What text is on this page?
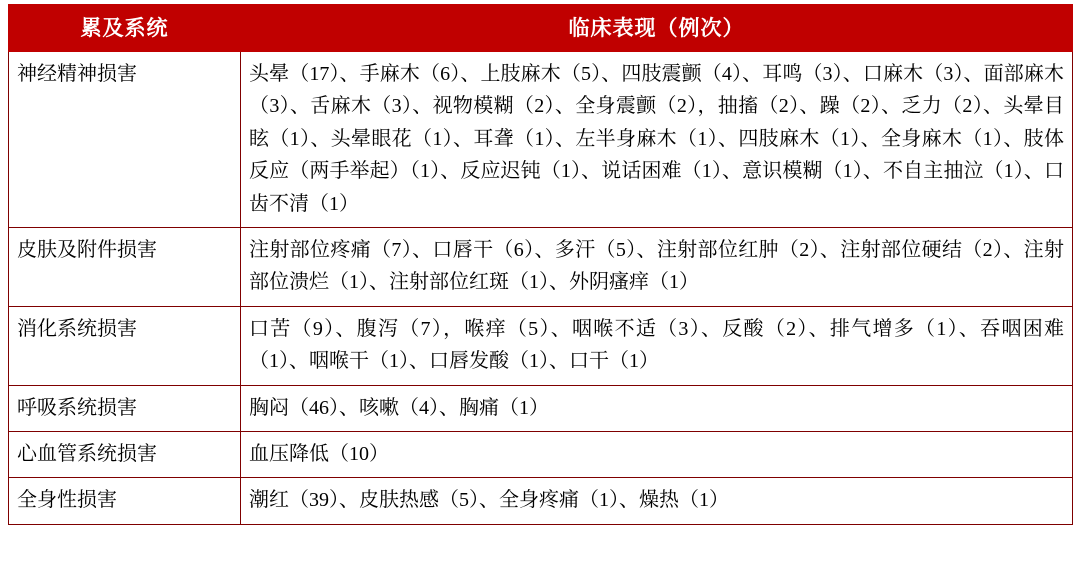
累及系统	临床表现（例次）
神经精神损害	头晕（17）、手麻木（6）、上肢麻木（5）、四肢震颤（4）、耳鸣（3）、口麻木（3）、面部麻木（3）、舌麻木（3）、视物模糊（2）、全身震颤（2），抽搐（2）、躁（2）、乏力（2）、头晕目眩（1）、头晕眼花（1）、耳聋（1）、左半身麻木（1）、四肢麻木（1）、全身麻木（1）、肢体反应（两手举起）（1）、反应迟钝（1）、说话困难（1）、意识模糊（1）、不自主抽泣（1）、口齿不清（1）
皮肤及附件损害	注射部位疼痛（7）、口唇干（6）、多汗（5）、注射部位红肿（2）、注射部位硬结（2）、注射部位溃烂（1）、注射部位红斑（1）、外阴瘙痒（1）
消化系统损害	口苦（9）、腹泻（7），喉痒（5）、咽喉不适（3）、反酸（2）、排气增多（1）、吞咽困难（1）、咽喉干（1）、口唇发酸（1）、口干（1）
呼吸系统损害	胸闷（46）、咳嗽（4）、胸痛（1）
心血管系统损害	血压降低（10）
全身性损害	潮红（39）、皮肤热感（5）、全身疼痛（1）、燥热（1）
